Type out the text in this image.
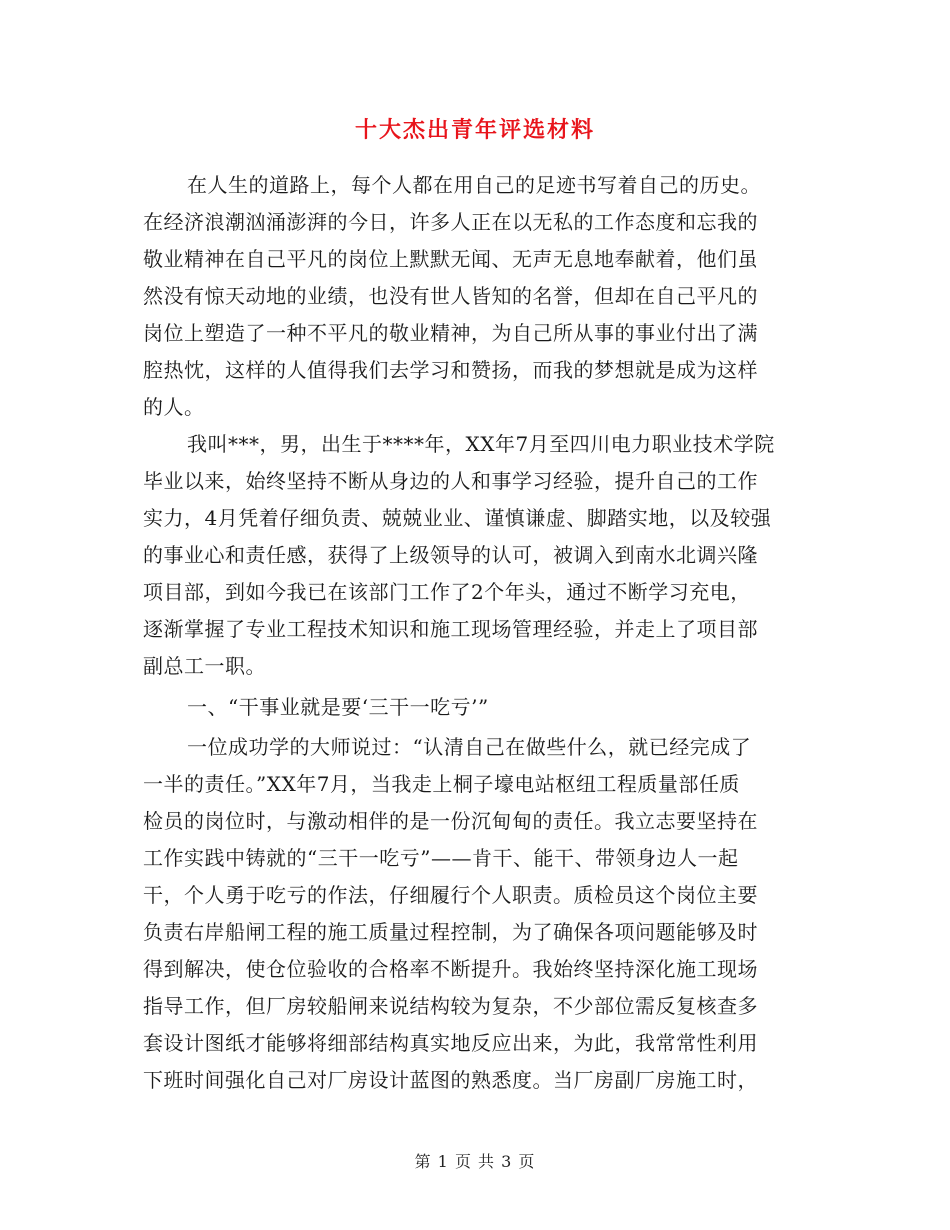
十大杰出青年评选材料
在人生的道路上，每个人都在用自己的足迹书写着自己的历史。
在经济浪潮汹涌澎湃的今日，许多人正在以无私的工作态度和忘我的
敬业精神在自己平凡的岗位上默默无闻、无声无息地奉献着，他们虽
然没有惊天动地的业绩，也没有世人皆知的名誉，但却在自己平凡的
岗位上塑造了一种不平凡的敬业精神，为自己所从事的事业付出了满
腔热忱，这样的人值得我们去学习和赞扬，而我的梦想就是成为这样
的人。
我叫***，男，出生于****年，XX年7月至四川电力职业技术学院
毕业以来，始终坚持不断从身边的人和事学习经验，提升自己的工作
实力，4月凭着仔细负责、兢兢业业、谨慎谦虚、脚踏实地，以及较强
的事业心和责任感，获得了上级领导的认可，被调入到南水北调兴隆
项目部，到如今我已在该部门工作了2个年头，通过不断学习充电，
逐渐掌握了专业工程技术知识和施工现场管理经验，并走上了项目部
副总工一职。
一、“干事业就是要‘三干一吃亏’”
一位成功学的大师说过：“认清自己在做些什么，就已经完成了
一半的责任。”XX年7月，当我走上桐子壕电站枢纽工程质量部任质
检员的岗位时，与激动相伴的是一份沉甸甸的责任。我立志要坚持在
工作实践中铸就的“三干一吃亏”——肯干、能干、带领身边人一起
干，个人勇于吃亏的作法，仔细履行个人职责。质检员这个岗位主要
负责右岸船闸工程的施工质量过程控制，为了确保各项问题能够及时
得到解决，使仓位验收的合格率不断提升。我始终坚持深化施工现场
指导工作，但厂房较船闸来说结构较为复杂，不少部位需反复核查多
套设计图纸才能够将细部结构真实地反应出来，为此，我常常性利用
下班时间强化自己对厂房设计蓝图的熟悉度。当厂房副厂房施工时，
第 1 页 共 3 页
